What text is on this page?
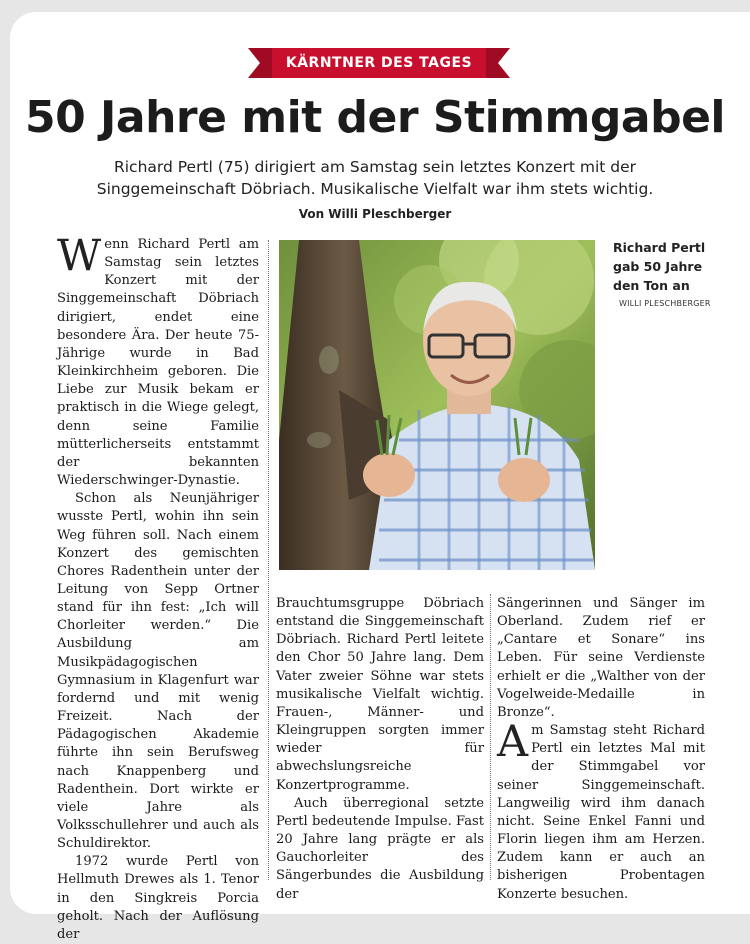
KÄRNTNER DES TAGES
50 Jahre mit der Stimmgabel
Richard Pertl (75) dirigiert am Samstag sein letztes Konzert mit der Singgemeinschaft Döbriach. Musikalische Vielfalt war ihm stets wichtig.
Von Willi Pleschberger

Wenn Richard Pertl am Samstag sein letztes Konzert mit der Singgemeinschaft Döbriach dirigiert, endet eine besondere Ära. Der heute 75-Jährige wurde in Bad Kleinkirchheim geboren. Die Liebe zur Musik bekam er praktisch in die Wiege gelegt, denn seine Familie mütterlicherseits entstammt der bekannten Wiederschwinger-Dynastie.

Schon als Neunjähriger wusste Pertl, wohin ihn sein Weg führen soll. Nach einem Konzert des gemischten Chores Radenthein unter der Leitung von Sepp Ortner stand für ihn fest: „Ich will Chorleiter werden.“ Die Ausbildung am Musikpädagogischen Gymnasium in Klagenfurt war fordernd und mit wenig Freizeit. Nach der Pädagogischen Akademie führte ihn sein Berufsweg nach Knappenberg und Radenthein. Dort wirkte er viele Jahre als Volksschullehrer und auch als Schuldirektor.

1972 wurde Pertl von Hellmuth Drewes als 1. Tenor in den Singkreis Porcia geholt. Nach der Auflösung der

Richard Pertl gab 50 Jahre den Ton an
WILLI PLESCHBERGER

Brauchtumsgruppe Döbriach entstand die Singgemeinschaft Döbriach. Richard Pertl leitete den Chor 50 Jahre lang. Dem Vater zweier Söhne war stets musikalische Vielfalt wichtig. Frauen-, Männer- und Kleingruppen sorgten immer wieder für abwechslungsreiche Konzertprogramme.

Auch überregional setzte Pertl bedeutende Impulse. Fast 20 Jahre lang prägte er als Gauchorleiter des Sängerbundes die Ausbildung der

Sängerinnen und Sänger im Oberland. Zudem rief er „Cantare et Sonare“ ins Leben. Für seine Verdienste erhielt er die „Walther von der Vogelweide-Medaille in Bronze“.

Am Samstag steht Richard Pertl ein letztes Mal mit der Stimmgabel vor seiner Singgemeinschaft. Langweilig wird ihm danach nicht. Seine Enkel Fanni und Florin liegen ihm am Herzen. Zudem kann er auch an bisherigen Probentagen Konzerte besuchen.
